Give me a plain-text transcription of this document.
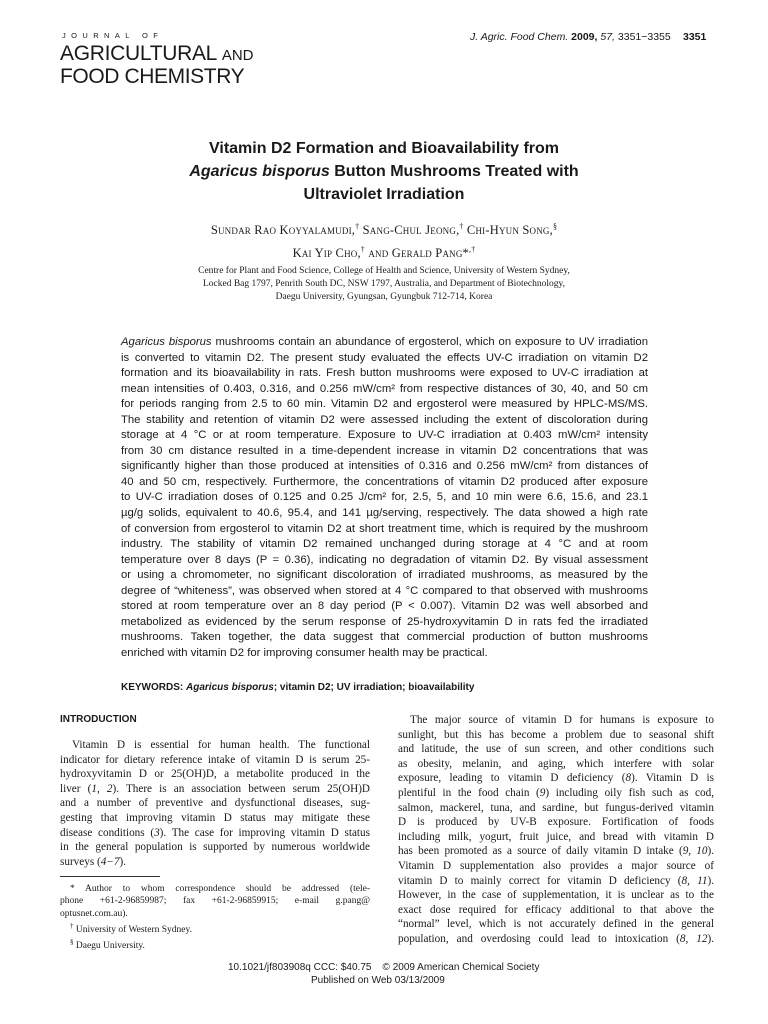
JOURNAL OF
AGRICULTURAL AND
FOOD CHEMISTRY
J. Agric. Food Chem. 2009, 57, 3351−3355 3351
Vitamin D2 Formation and Bioavailability from
Agaricus bisporus Button Mushrooms Treated with
Ultraviolet Irradiation
Sundar Rao Koyyalamudi,† Sang-Chul Jeong,† Chi-Hyun Song,§
Kai Yip Cho,† and Gerald Pang*,†
Centre for Plant and Food Science, College of Health and Science, University of Western Sydney,
Locked Bag 1797, Penrith South DC, NSW 1797, Australia, and Department of Biotechnology,
Daegu University, Gyungsan, Gyungbuk 712-714, Korea
Agaricus bisporus mushrooms contain an abundance of ergosterol, which on exposure to UV irradiation
is converted to vitamin D2. The present study evaluated the effects UV-C irradiation on vitamin D2
formation and its bioavailability in rats. Fresh button mushrooms were exposed to UV-C irradiation at
mean intensities of 0.403, 0.316, and 0.256 mW/cm² from respective distances of 30, 40, and 50 cm
for periods ranging from 2.5 to 60 min. Vitamin D2 and ergosterol were measured by HPLC-MS/MS.
The stability and retention of vitamin D2 were assessed including the extent of discoloration during
storage at 4 °C or at room temperature. Exposure to UV-C irradiation at 0.403 mW/cm² intensity
from 30 cm distance resulted in a time-dependent increase in vitamin D2 concentrations that was
significantly higher than those produced at intensities of 0.316 and 0.256 mW/cm² from distances of
40 and 50 cm, respectively. Furthermore, the concentrations of vitamin D2 produced after exposure
to UV-C irradiation doses of 0.125 and 0.25 J/cm² for, 2.5, 5, and 10 min were 6.6, 15.6, and 23.1
µg/g solids, equivalent to 40.6, 95.4, and 141 µg/serving, respectively. The data showed a high rate
of conversion from ergosterol to vitamin D2 at short treatment time, which is required by the mushroom
industry. The stability of vitamin D2 remained unchanged during storage at 4 °C and at room
temperature over 8 days (P = 0.36), indicating no degradation of vitamin D2. By visual assessment
or using a chromometer, no significant discoloration of irradiated mushrooms, as measured by the
degree of “whiteness”, was observed when stored at 4 °C compared to that observed with mushrooms
stored at room temperature over an 8 day period (P < 0.007). Vitamin D2 was well absorbed and
metabolized as evidenced by the serum response of 25-hydroxyvitamin D in rats fed the irradiated
mushrooms. Taken together, the data suggest that commercial production of button mushrooms
enriched with vitamin D2 for improving consumer health may be practical.
KEYWORDS: Agaricus bisporus; vitamin D2; UV irradiation; bioavailability
INTRODUCTION
Vitamin D is essential for human health. The functional
indicator for dietary reference intake of vitamin D is serum 25-
hydroxyvitamin D or 25(OH)D, a metabolite produced in the
liver (1, 2). There is an association between serum 25(OH)D
and a number of preventive and dysfunctional diseases, sug-
gesting that improving vitamin D status may mitigate these
disease conditions (3). The case for improving vitamin D status
in the general population is supported by numerous worldwide
surveys (4−7).
* Author to whom correspondence should be addressed (tele-
phone +61-2-96859987; fax +61-2-96859915; e-mail g.pang@
optusnet.com.au).
† University of Western Sydney.
§ Daegu University.
The major source of vitamin D for humans is exposure to
sunlight, but this has become a problem due to seasonal shift
and latitude, the use of sun screen, and other conditions such
as obesity, melanin, and aging, which interfere with solar
exposure, leading to vitamin D deficiency (8). Vitamin D is
plentiful in the food chain (9) including oily fish such as cod,
salmon, mackerel, tuna, and sardine, but fungus-derived vitamin
D is produced by UV-B exposure. Fortification of foods
including milk, yogurt, fruit juice, and bread with vitamin D
has been promoted as a source of daily vitamin D intake (9, 10).
Vitamin D supplementation also provides a major source of
vitamin D to mainly correct for vitamin D deficiency (8, 11).
However, in the case of supplementation, it is unclear as to the
exact dose required for efficacy additional to that above the
“normal” level, which is not accurately defined in the general
population, and overdosing could lead to intoxication (8, 12).
10.1021/jf803908q CCC: $40.75    © 2009 American Chemical Society
Published on Web 03/13/2009
